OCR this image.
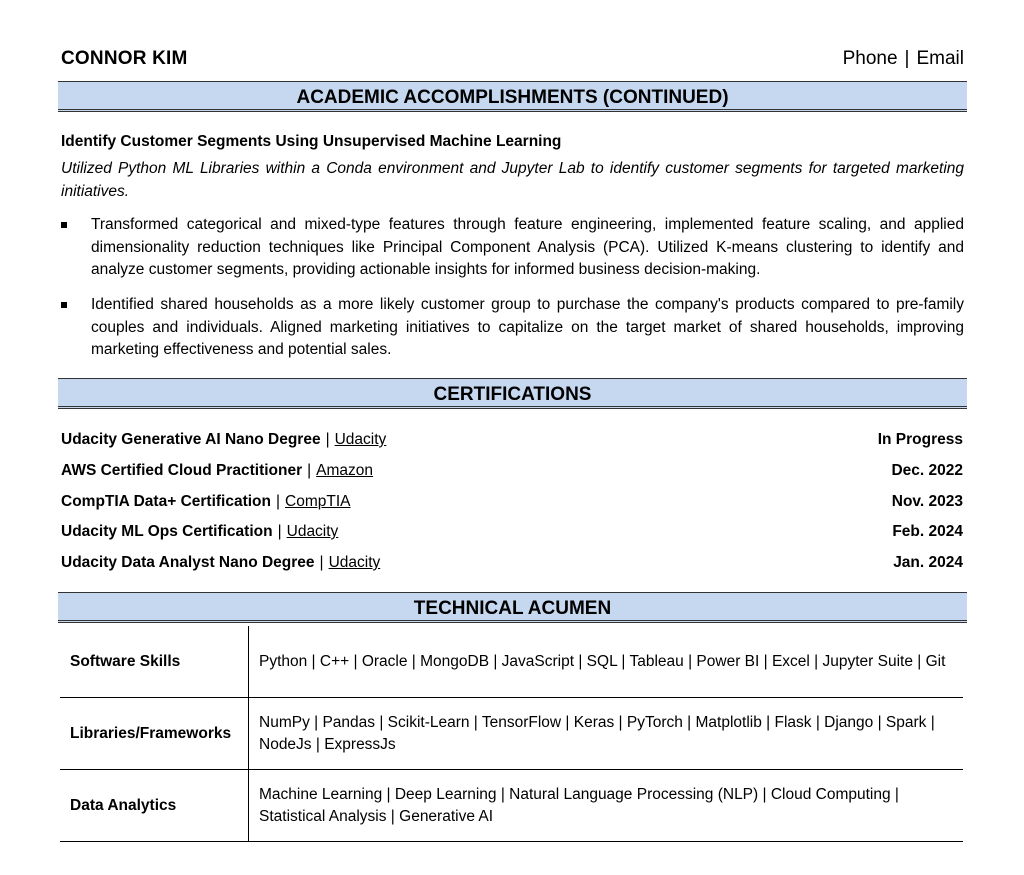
CONNOR KIM	Phone | Email
ACADEMIC ACCOMPLISHMENTS (CONTINUED)
Identify Customer Segments Using Unsupervised Machine Learning
Utilized Python ML Libraries within a Conda environment and Jupyter Lab to identify customer segments for targeted marketing initiatives.
Transformed categorical and mixed-type features through feature engineering, implemented feature scaling, and applied dimensionality reduction techniques like Principal Component Analysis (PCA). Utilized K-means clustering to identify and analyze customer segments, providing actionable insights for informed business decision-making.
Identified shared households as a more likely customer group to purchase the company's products compared to pre-family couples and individuals. Aligned marketing initiatives to capitalize on the target market of shared households, improving marketing effectiveness and potential sales.
CERTIFICATIONS
Udacity Generative AI Nano Degree | Udacity	In Progress
AWS Certified Cloud Practitioner | Amazon	Dec. 2022
CompTIA Data+ Certification | CompTIA	Nov. 2023
Udacity ML Ops Certification | Udacity	Feb. 2024
Udacity Data Analyst Nano Degree | Udacity	Jan. 2024
TECHNICAL ACUMEN
Software Skills	Python | C++ | Oracle | MongoDB | JavaScript | SQL | Tableau | Power BI | Excel | Jupyter Suite | Git
Libraries/Frameworks	NumPy | Pandas | Scikit-Learn | TensorFlow | Keras | PyTorch | Matplotlib | Flask | Django | Spark | NodeJs | ExpressJs
Data Analytics	Machine Learning | Deep Learning | Natural Language Processing (NLP) | Cloud Computing | Statistical Analysis | Generative AI
